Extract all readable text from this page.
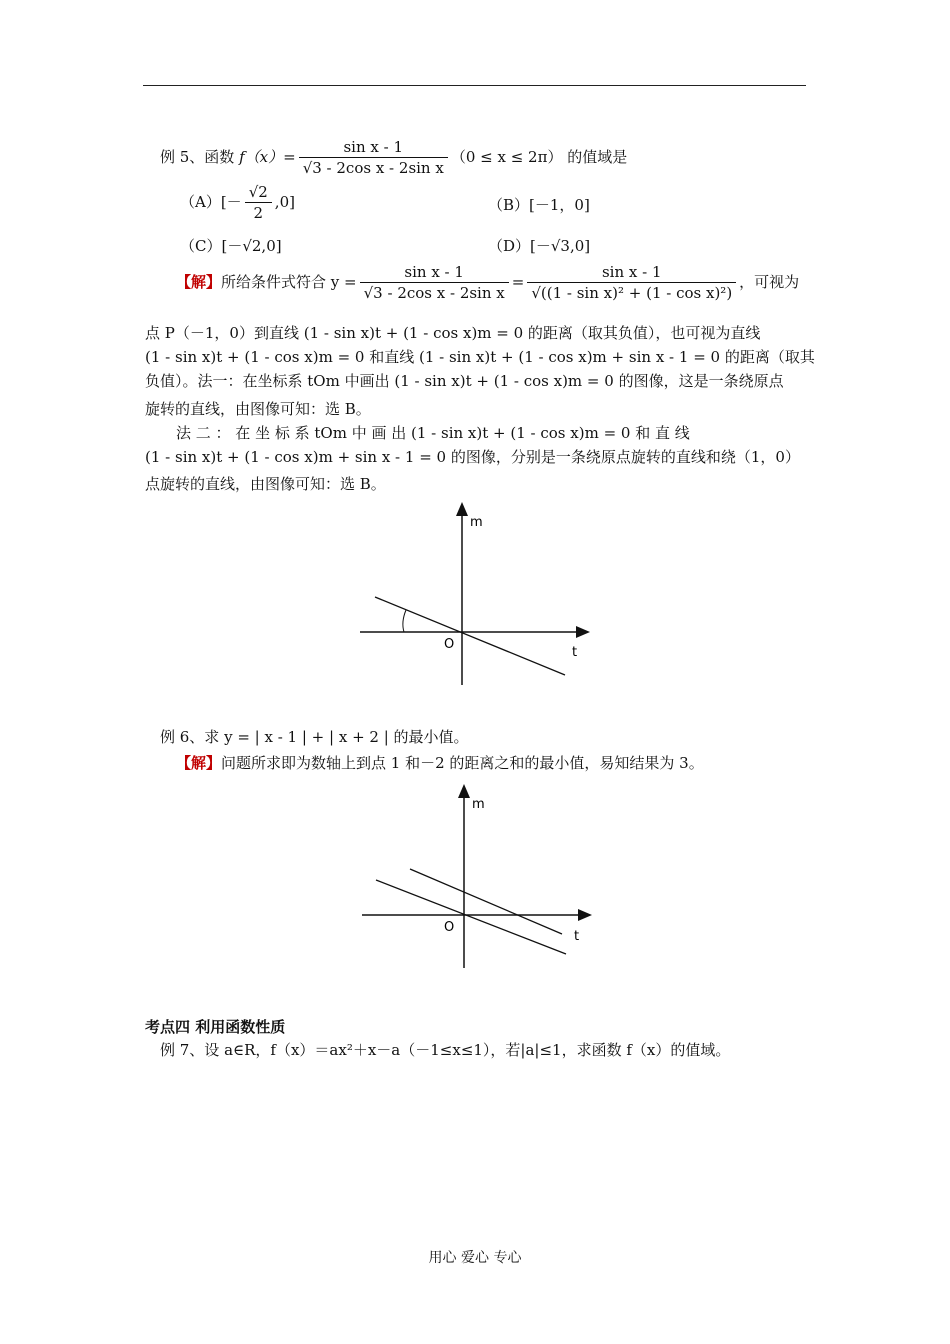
例 5、函数 $f(x)= \frac{\text{sin x - 1}}{\text{√3 - 2cos x - 2sin x}} (0 \le x \le 2\pi)$ 的值域是
$(A)[- \frac{√2}{2} ,0]$	（B）[－1，0]
（C）[－√2,0]	（D）[－√3,0]
【解】所给条件式符合 $y = \frac{\text{sin x - 1}}{\text{√3 - 2cos x - 2sin x}} = \frac{\text{sin x - 1}}{\text{√((1 - sin x)² + (1 - cos x)²)}}$ ，可视为
点 P（－1，0）到直线 (1 - sin x)t + (1 - cos x)m = 0 的距离（取其负值），也可视为直线
(1 - sin x)t + (1 - cos x)m = 0 和直线 (1 - sin x)t + (1 - cos x)m + sin x - 1 = 0 的距离（取其
负值）。法一：在坐标系 tOm 中画出 (1 - sin x)t + (1 - cos x)m = 0 的图像，这是一条绕原点
旋转的直线，由图像可知：选 B。
法 二 ： 在 坐 标 系 tOm 中 画 出 (1 - sin x)t + (1 - cos x)m = 0 和 直 线
(1 - sin x)t + (1 - cos x)m + sin x - 1 = 0 的图像，分别是一条绕原点旋转的直线和绕（1，0）
点旋转的直线，由图像可知：选 B。
m
t
O
例 6、求 y = | x - 1 | + | x + 2 | 的最小值。
【解】问题所求即为数轴上到点 1 和－2 的距离之和的最小值，易知结果为 3。
m
t
O
考点四 利用函数性质
例 7、设 a∈R，f（x）＝ax²＋x－a（－1≤x≤1），若|a|≤1，求函数 f（x）的值域。
用心 爱心 专心
